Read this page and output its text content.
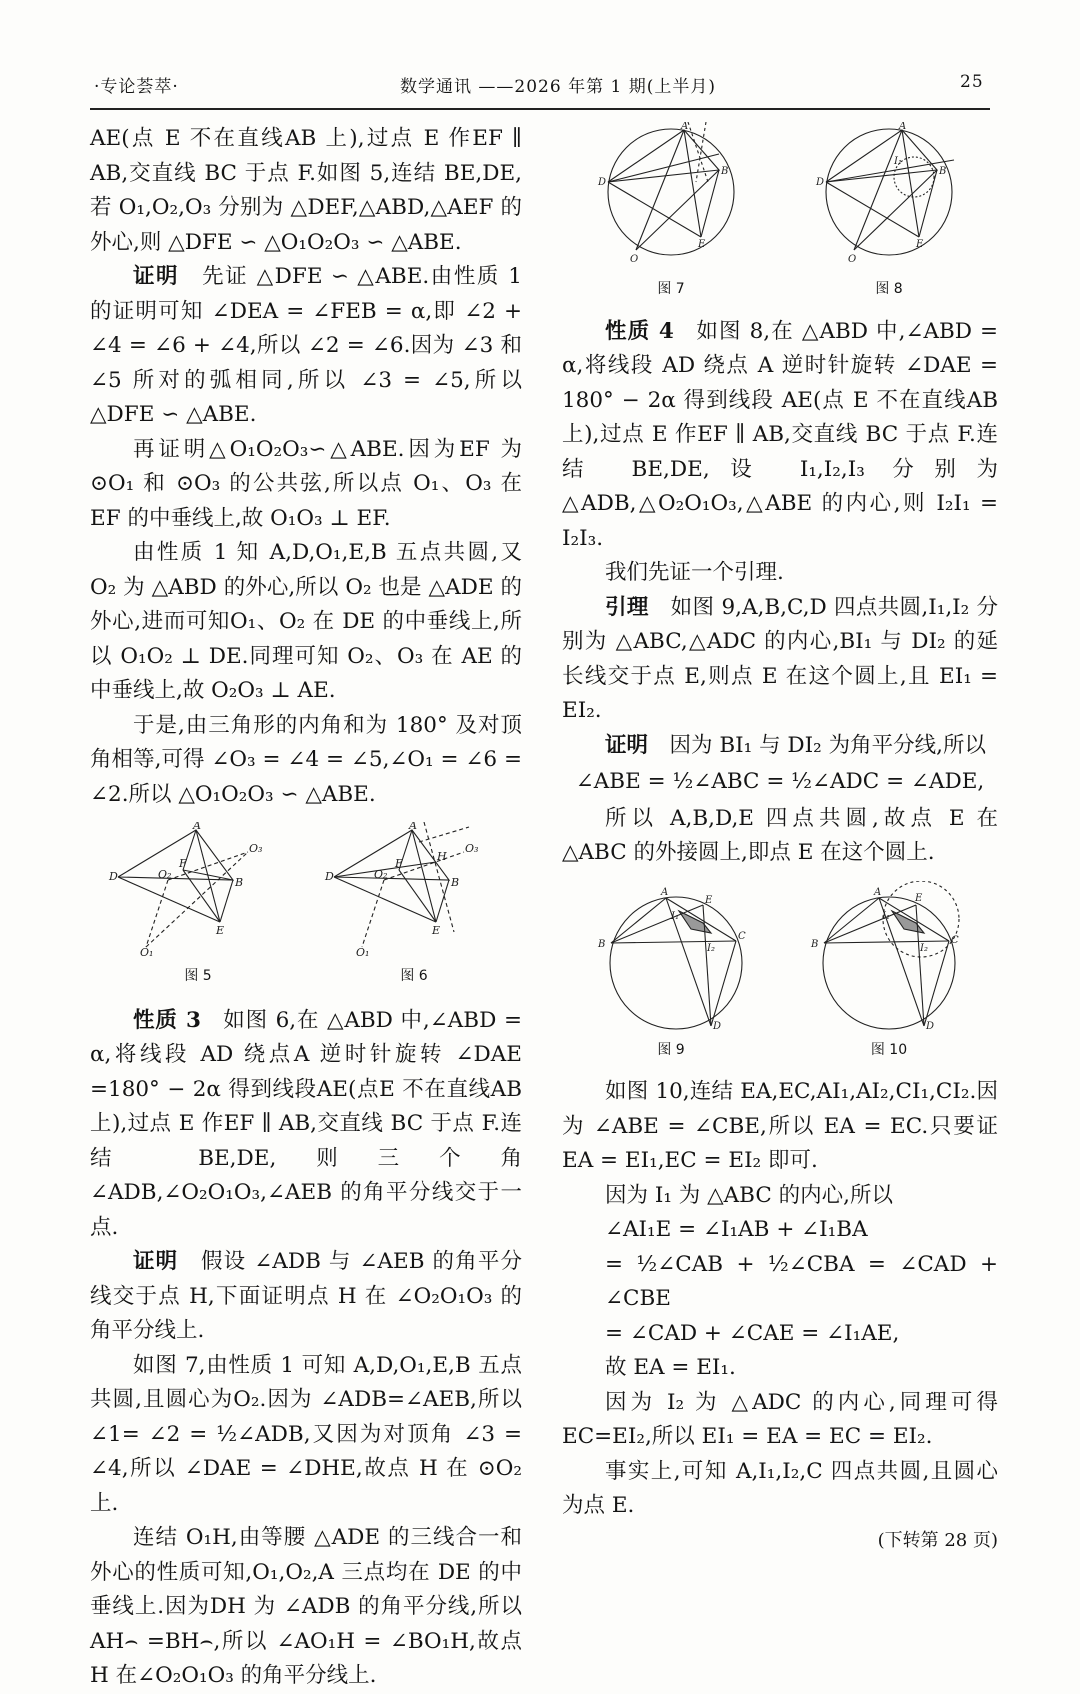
·专论荟萃·	数学通讯 ——2026 年第 1 期(上半月)	25

AE(点 E 不在直线AB 上),过点 E 作EF ∥ AB,交直线 BC 于点 F.如图 5,连结 BE,DE,若 O₁,O₂,O₃ 分别为 △DEF,△ABD,△AEF 的外心,则 △DFE ∽ △O₁O₂O₃ ∽ △ABE.

证明 先证 △DFE ∽ △ABE.由性质 1 的证明可知 ∠DEA = ∠FEB = α,即 ∠2 + ∠4 = ∠6 + ∠4,所以 ∠2 = ∠6.因为 ∠3 和 ∠5 所对的弧相同,所以 ∠3 = ∠5,所以 △DFE ∽ △ABE.

再证明△O₁O₂O₃∽△ABE.因为EF 为⊙O₁ 和 ⊙O₃ 的公共弦,所以点 O₁、O₃ 在 EF 的中垂线上,故 O₁O₃ ⊥ EF.

由性质 1 知 A,D,O₁,E,B 五点共圆,又 O₂ 为 △ABD 的外心,所以 O₂ 也是 △ADE 的外心,进而可知O₁、O₂ 在 DE 的中垂线上,所以 O₁O₂ ⊥ DE.同理可知 O₂、O₃ 在 AE 的中垂线上,故 O₂O₃ ⊥ AE.

于是,由三角形的内角和为 180° 及对顶角相等,可得 ∠O₃ = ∠4 = ∠5,∠O₁ = ∠6 = ∠2.所以 △O₁O₂O₃ ∽ △ABE.

A
D	B
E
F
O₂
O₃
O₁
图 5
A
D	B
E
F
H
O₂
O₃
O₁
图 6

性质 3 如图 6,在 △ABD 中,∠ABD = α,将线段 AD 绕点A 逆时针旋转 ∠DAE =180° − 2α 得到线段AE(点E 不在直线AB 上),过点 E 作EF ∥ AB,交直线 BC 于点 F.连结 BE,DE,则三个角 ∠ADB,∠O₂O₁O₃,∠AEB 的角平分线交于一点.

证明 假设 ∠ADB 与 ∠AEB 的角平分线交于点 H,下面证明点 H 在 ∠O₂O₁O₃ 的角平分线上.

如图 7,由性质 1 可知 A,D,O₁,E,B 五点共圆,且圆心为O₂.因为 ∠ADB=∠AEB,所以 ∠1= ∠2 = ½∠ADB,又因为对顶角 ∠3 = ∠4,所以 ∠DAE = ∠DHE,故点 H 在 ⊙O₂ 上.

连结 O₁H,由等腰 △ADE 的三线合一和外心的性质可知,O₁,O₂,A 三点均在 DE 的中垂线上.因为DH 为 ∠ADB 的角平分线,所以AH⌢ =BH⌢,所以 ∠AO₁H = ∠BO₁H,故点 H 在∠O₂O₁O₃ 的角平分线上.

A
D
B
E
O
图 7
A
D
B
E
I₁
O
图 8

性质 4 如图 8,在 △ABD 中,∠ABD = α,将线段 AD 绕点 A 逆时针旋转 ∠DAE = 180° − 2α 得到线段 AE(点 E 不在直线AB 上),过点 E 作EF ∥ AB,交直线 BC 于点 F.连结 BE,DE,设 I₁,I₂,I₃ 分别为 △ADB,△O₂O₁O₃,△ABE 的内心,则 I₂I₁ = I₂I₃.

我们先证一个引理.

引理 如图 9,A,B,C,D 四点共圆,I₁,I₂ 分别为 △ABC,△ADC 的内心,BI₁ 与 DI₂ 的延长线交于点 E,则点 E 在这个圆上,且 EI₁ = EI₂.

证明 因为 BI₁ 与 DI₂ 为角平分线,所以

∠ABE = ½∠ABC = ½∠ADC = ∠ADE,

所以 A,B,D,E 四点共圆,故点 E 在 △ABC 的外接圆上,即点 E 在这个圆上.

A
E
B
C
D
I₁
I₂
图 9
A
E
B	C
D
I₁
I₂
图 10

如图 10,连结 EA,EC,AI₁,AI₂,CI₁,CI₂.因为 ∠ABE = ∠CBE,所以 EA = EC.只要证 EA = EI₁,EC = EI₂ 即可.

因为 I₁ 为 △ABC 的内心,所以

∠AI₁E = ∠I₁AB + ∠I₁BA

= ½∠CAB + ½∠CBA = ∠CAD + ∠CBE

= ∠CAD + ∠CAE = ∠I₁AE,

故 EA = EI₁.

因为 I₂ 为 △ADC 的内心,同理可得 EC=EI₂,所以 EI₁ = EA = EC = EI₂.

事实上,可知 A,I₁,I₂,C 四点共圆,且圆心为点 E.

(下转第 28 页)
